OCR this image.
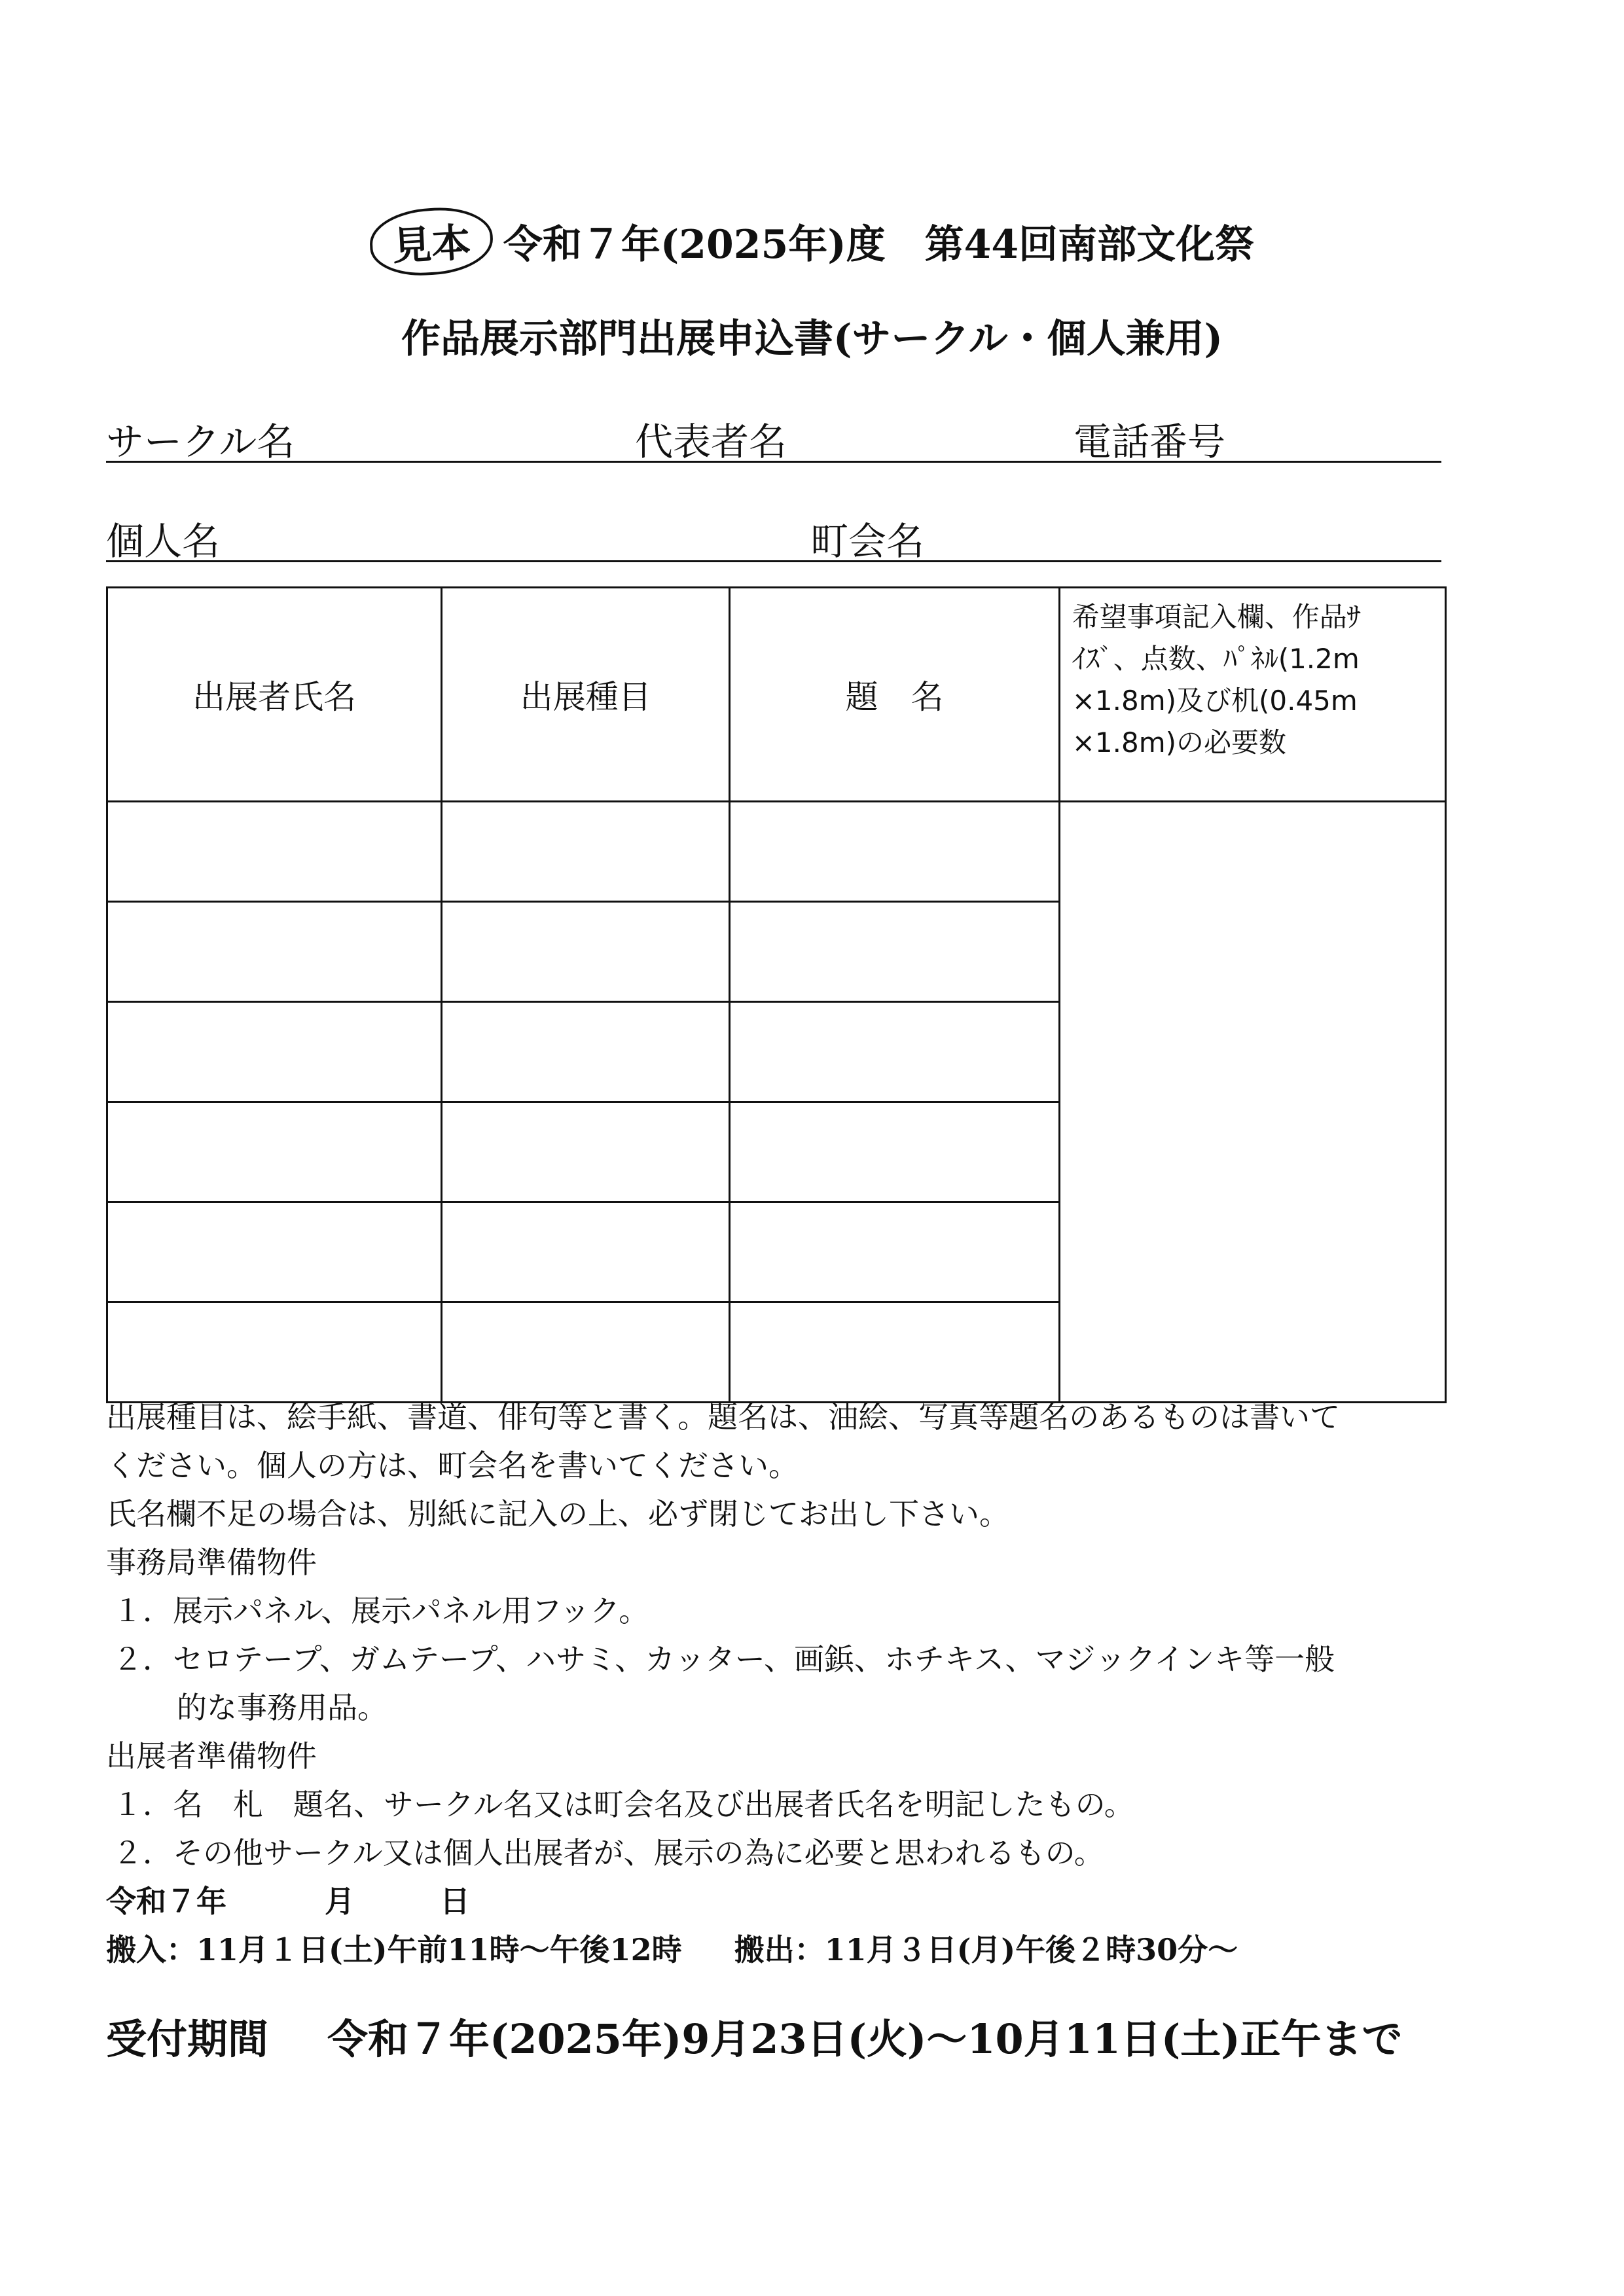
見本 令和７年(2025年)度　第44回南部文化祭
作品展示部門出展申込書(サークル・個人兼用)
サークル名	代表者名	電話番号
個人名	町会名
出展者氏名	出展種目	題　名	希望事項記入欄、作品ｻ
ｲｽﾞ、点数、ﾊﾟﾈﾙ(1.2m
×1.8m)及び机(0.45m
×1.8m)の必要数

出展種目は、絵手紙、書道、俳句等と書く。題名は、油絵、写真等題名のあるものは書いて

ください。個人の方は、町会名を書いてください。

氏名欄不足の場合は、別紙に記入の上、必ず閉じてお出し下さい。

事務局準備物件

１．展示パネル、展示パネル用フック。

２．セロテープ、ガムテープ、ハサミ、カッター、画鋲、ホチキス、マジックインキ等一般

的な事務用品。

出展者準備物件

１．名　札　題名、サークル名又は町会名及び出展者氏名を明記したもの。

２．その他サークル又は個人出展者が、展示の為に必要と思われるもの。

令和７年	月	日

搬入：11月１日(土)午前11時～午後12時 搬出：11月３日(月)午後２時30分～

受付期間 令和７年(2025年)9月23日(火)～10月11日(土)正午まで
